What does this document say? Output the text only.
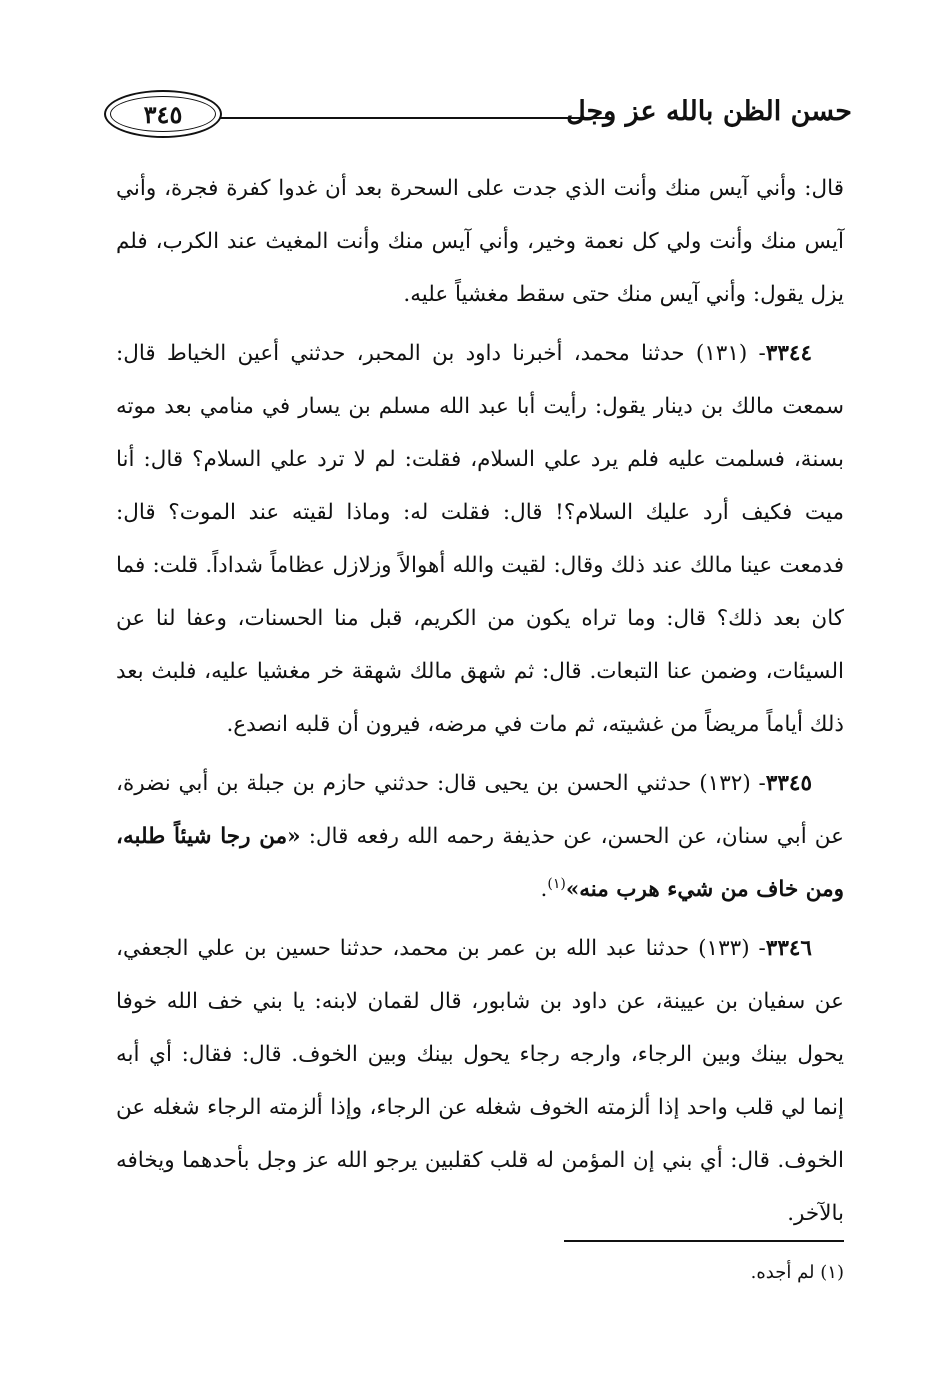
حسن الظن بالله عز وجل
٣٤٥

قال: وأني آيس منك وأنت الذي جدت على السحرة بعد أن غدوا كفرة فجرة، وأني آيس منك وأنت ولي كل نعمة وخير، وأني آيس منك وأنت المغيث عند الكرب، فلم يزل يقول: وأني آيس منك حتى سقط مغشياً عليه.

٣٣٤٤- (١٣١) حدثنا محمد، أخبرنا داود بن المحبر، حدثني أعين الخياط قال: سمعت مالك بن دينار يقول: رأيت أبا عبد الله مسلم بن يسار في منامي بعد موته بسنة، فسلمت عليه فلم يرد علي السلام، فقلت: لم لا ترد علي السلام؟ قال: أنا ميت فكيف أرد عليك السلام؟! قال: فقلت له: وماذا لقيته عند الموت؟ قال: فدمعت عينا مالك عند ذلك وقال: لقيت والله أهوالاً وزلازل عظاماً شداداً. قلت: فما كان بعد ذلك؟ قال: وما تراه يكون من الكريم، قبل منا الحسنات، وعفا لنا عن السيئات، وضمن عنا التبعات. قال: ثم شهق مالك شهقة خر مغشيا عليه، فلبث بعد ذلك أياماً مريضاً من غشيته، ثم مات في مرضه، فيرون أن قلبه انصدع.

٣٣٤٥- (١٣٢) حدثني الحسن بن يحيى قال: حدثني حازم بن جبلة بن أبي نضرة، عن أبي سنان، عن الحسن، عن حذيفة رحمه الله رفعه قال: «من رجا شيئاً طلبه، ومن خاف من شيء هرب منه»$^{(١)}$.

٣٣٤٦- (١٣٣) حدثنا عبد الله بن عمر بن محمد، حدثنا حسين بن علي الجعفي، عن سفيان بن عيينة، عن داود بن شابور، قال لقمان لابنه: يا بني خف الله خوفا يحول بينك وبين الرجاء، وارجه رجاء يحول بينك وبين الخوف. قال: فقال: أي أبه إنما لي قلب واحد إذا ألزمته الخوف شغله عن الرجاء، وإذا ألزمته الرجاء شغله عن الخوف. قال: أي بني إن المؤمن له قلب كقلبين يرجو الله عز وجل بأحدهما ويخافه بالآخر.

(١) لم أجده.
